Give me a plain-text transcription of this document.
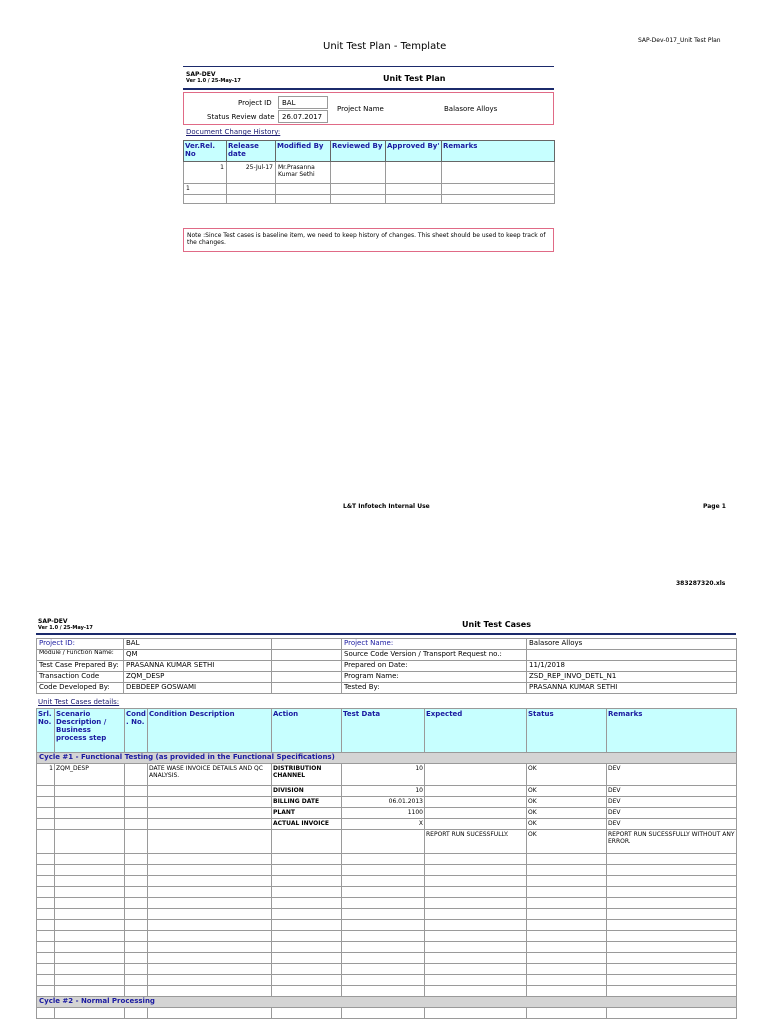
SAP-Dev-017_Unit Test Plan
Unit Test Plan - Template
SAP-DEV
Ver 1.0 / 25-May-17	Unit Test Plan
Project ID	BAL
Status Review date	26.07.2017
Project Name	Balasore Alloys
Document Change History:
Ver.Rel. No	Release date	Modified By	Reviewed By	Approved By'	Remarks
1	25-Jul-17	Mr.Prasanna Kumar Sethi			
1					

Note :Since Test cases is baseline item, we need to keep history of changes. This sheet should be used to keep track of the changes.
L&T Infotech Internal Use	Page 1
383287320.xls
SAP-DEV
Ver 1.0 / 25-May-17	Unit Test Cases
Project ID:	BAL		Project Name:	Balasore Alloys
Module / Function Name:	QM		Source Code Version / Transport Request no.:	
Test Case Prepared By:	PRASANNA KUMAR SETHI		Prepared on Date:	11/1/2018
Transaction Code	ZQM_DESP		Program Name:	ZSD_REP_INVO_DETL_N1
Code Developed By:	DEBDEEP GOSWAMI		Tested By:	PRASANNA KUMAR SETHI
Unit Test Cases details:
Srl. No.	Scenario Description / Business process step	Cond . No.	Condition Description	Action	Test Data	Expected	Status	Remarks
Cycle #1 - Functional Testing (as provided in the Functional Specifications)								
1	ZQM_DESP		DATE WASE INVOICE DETAILS AND QC ANALYSIS.	DISTRIBUTION CHANNEL	10		OK	DEV
				DIVISION	10		OK	DEV
				BILLING DATE	06.01.2013		OK	DEV
				PLANT	1100		OK	DEV
				ACTUAL INVOICE	X		OK	DEV
						REPORT RUN SUCESSFULLY.	OK	REPORT RUN SUCESSFULLY WITHOUT ANY ERROR.

Cycle #2 - Normal Processing								
